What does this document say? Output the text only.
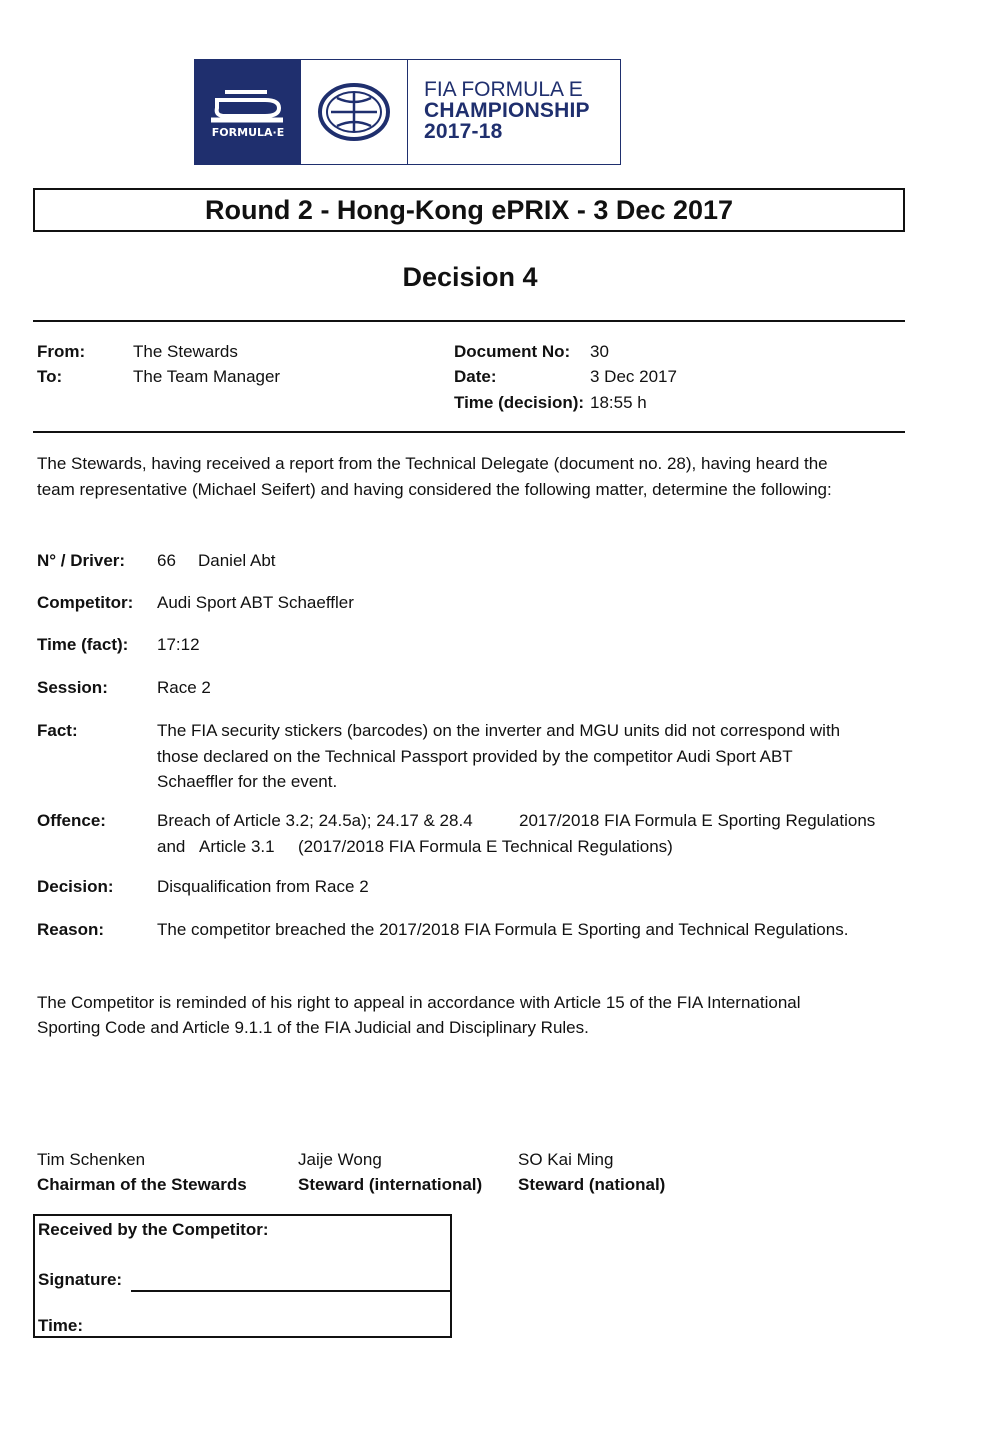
FORMULA·E
FIA FORMULA E
CHAMPIONSHIP
2017-18
Round 2 - Hong-Kong ePRIX - 3 Dec 2017
Decision 4
From:	The Stewards
To:	The Team Manager
Document No: 30
Date:	3 Dec 2017
Time (decision): 18:55 h
The Stewards, having received a report from the Technical Delegate (document no. 28), having heard the
team representative (Michael Seifert) and having considered the following matter, determine the following:
N° / Driver: 66 Daniel Abt
Competitor: Audi Sport ABT Schaeffler
Time (fact): 17:12
Session:	Race 2
Fact:	The FIA security stickers (barcodes) on the inverter and MGU units did not correspond with
those declared on the Technical Passport provided by the competitor Audi Sport ABT
Schaeffler for the event.
Offence:	Breach of Article 3.2; 24.5a); 24.17 & 28.4	2017/2018 FIA Formula E Sporting Regulations
and Article 3.1 (2017/2018 FIA Formula E Technical Regulations)
Decision:	Disqualification from Race 2
Reason:	The competitor breached the 2017/2018 FIA Formula E Sporting and Technical Regulations.
The Competitor is reminded of his right to appeal in accordance with Article 15 of the FIA International
Sporting Code and Article 9.1.1 of the FIA Judicial and Disciplinary Rules.
Tim Schenken
Chairman of the Stewards
Jaije Wong
Steward (international)
SO Kai Ming
Steward (national)
Received by the Competitor:
Signature:
Time:
